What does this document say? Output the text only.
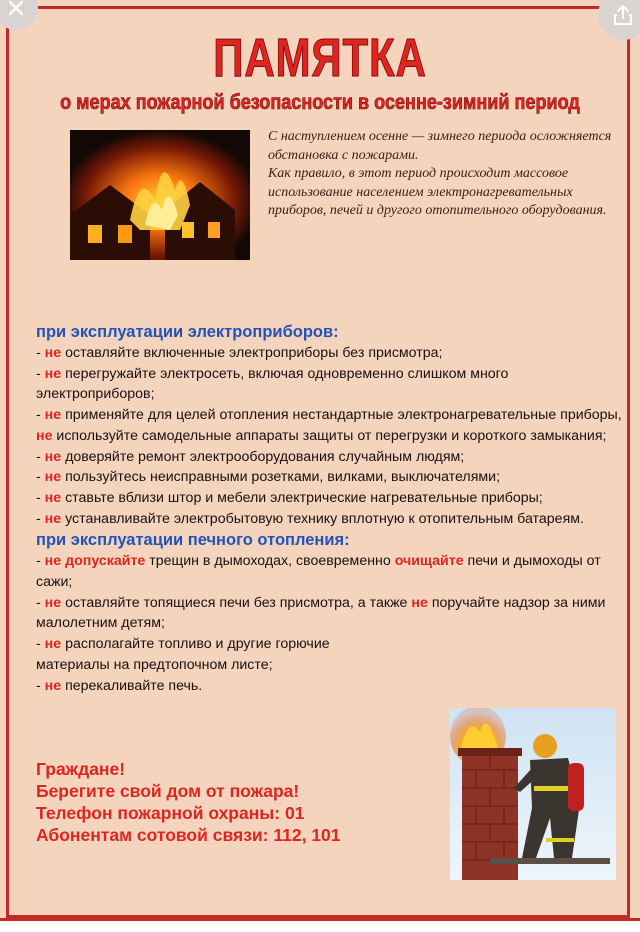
ПАМЯТКА
о мерах пожарной безопасности в осенне-зимний период

С наступлением осенне — зимнего периода осложняется обстановка с пожарами.

Как правило, в этот период происходит массовое использование населением электронагревательных приборов, печей и другого отопительного оборудования.

при эксплуатации электроприборов:

- не оставляйте включенные электроприборы без присмотра;

- не перегружайте электросеть, включая одновременно слишком много электроприборов;

- не применяйте для целей отопления нестандартные электронагревательные приборы, не используйте самодельные аппараты защиты от перегрузки и короткого замыкания;

- не доверяйте ремонт электрооборудования случайным людям;

- не пользуйтесь неисправными розетками, вилками, выключателями;

- не ставьте вблизи штор и мебели электрические нагревательные приборы;

- не устанавливайте электробытовую технику вплотную к отопительным батареям.

при эксплуатации печного отопления:

- не допускайте трещин в дымоходах, своевременно очищайте печи и дымоходы от сажи;

- не оставляйте топящиеся печи без присмотра, а также не поручайте надзор за ними малолетним детям;

- не располагайте топливо и другие горючие материалы на предтопочном листе;

- не перекаливайте печь.

Граждане!
Берегите свой дом от пожара!
Телефон пожарной охраны: 01
Абонентам сотовой связи: 112, 101
